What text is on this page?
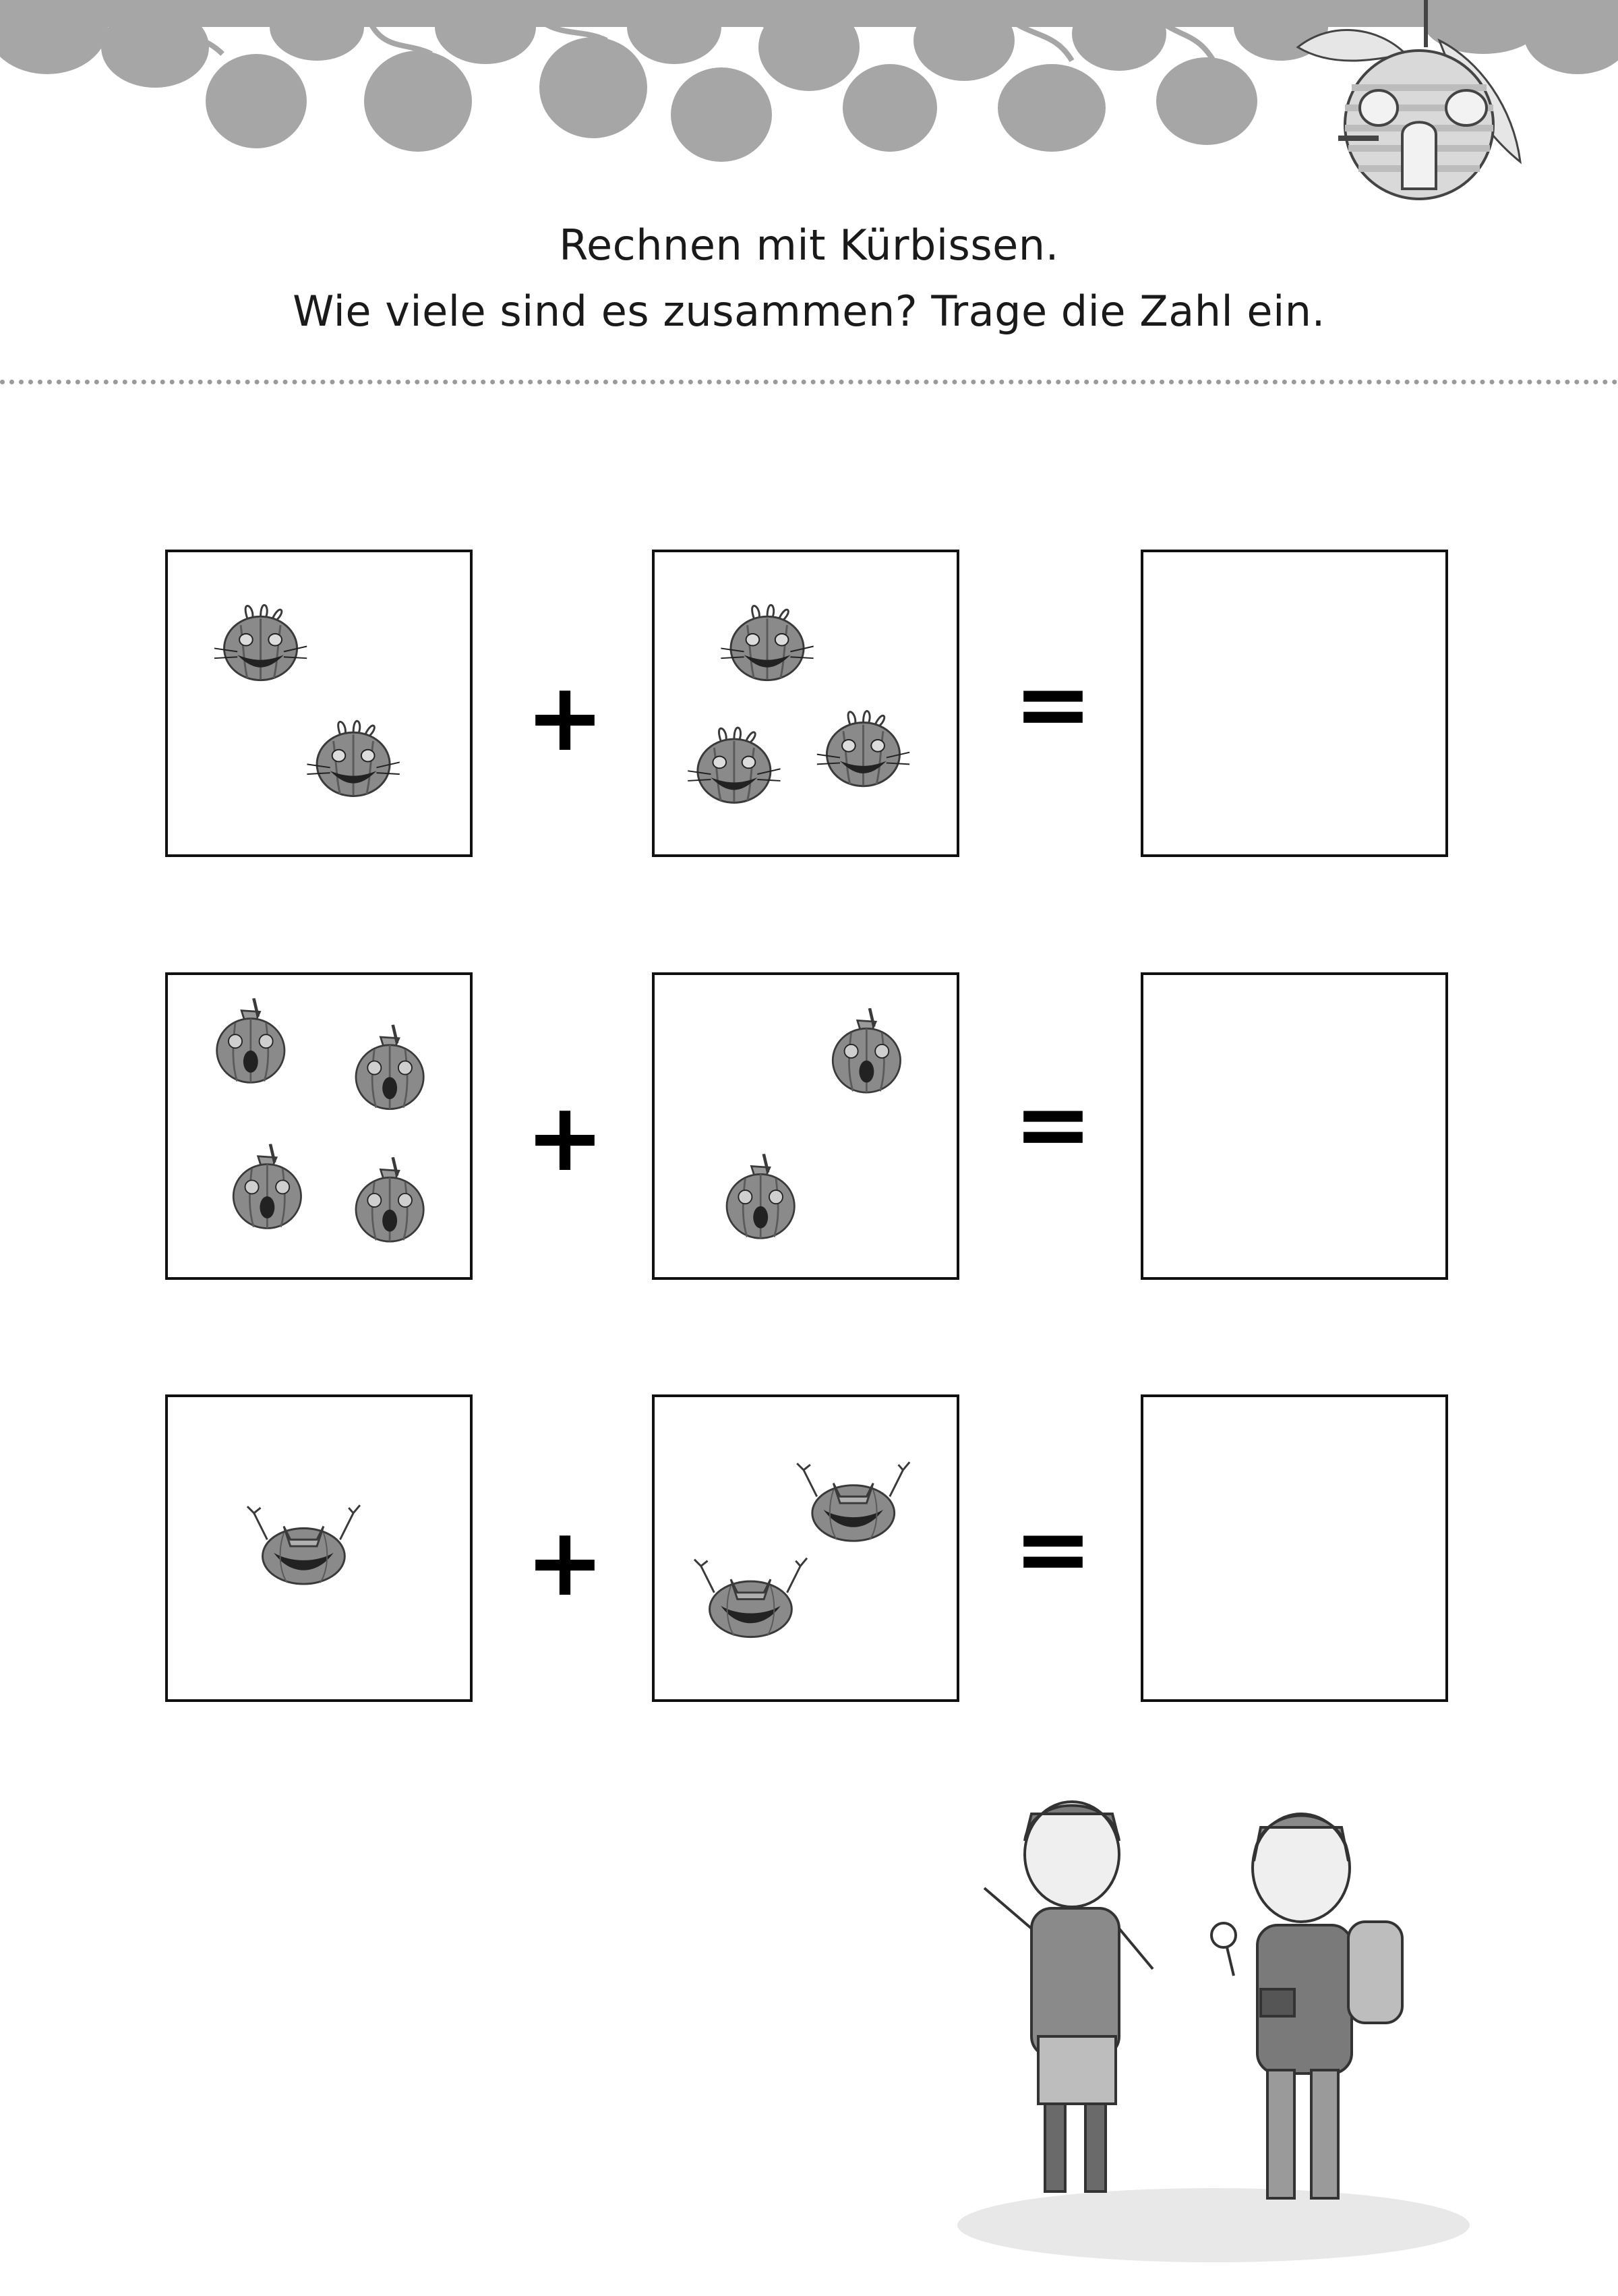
Rechnen mit Kürbissen.
Wie viele sind es zusammen? Trage die Zahl ein.
+	=
+	=
+	=
